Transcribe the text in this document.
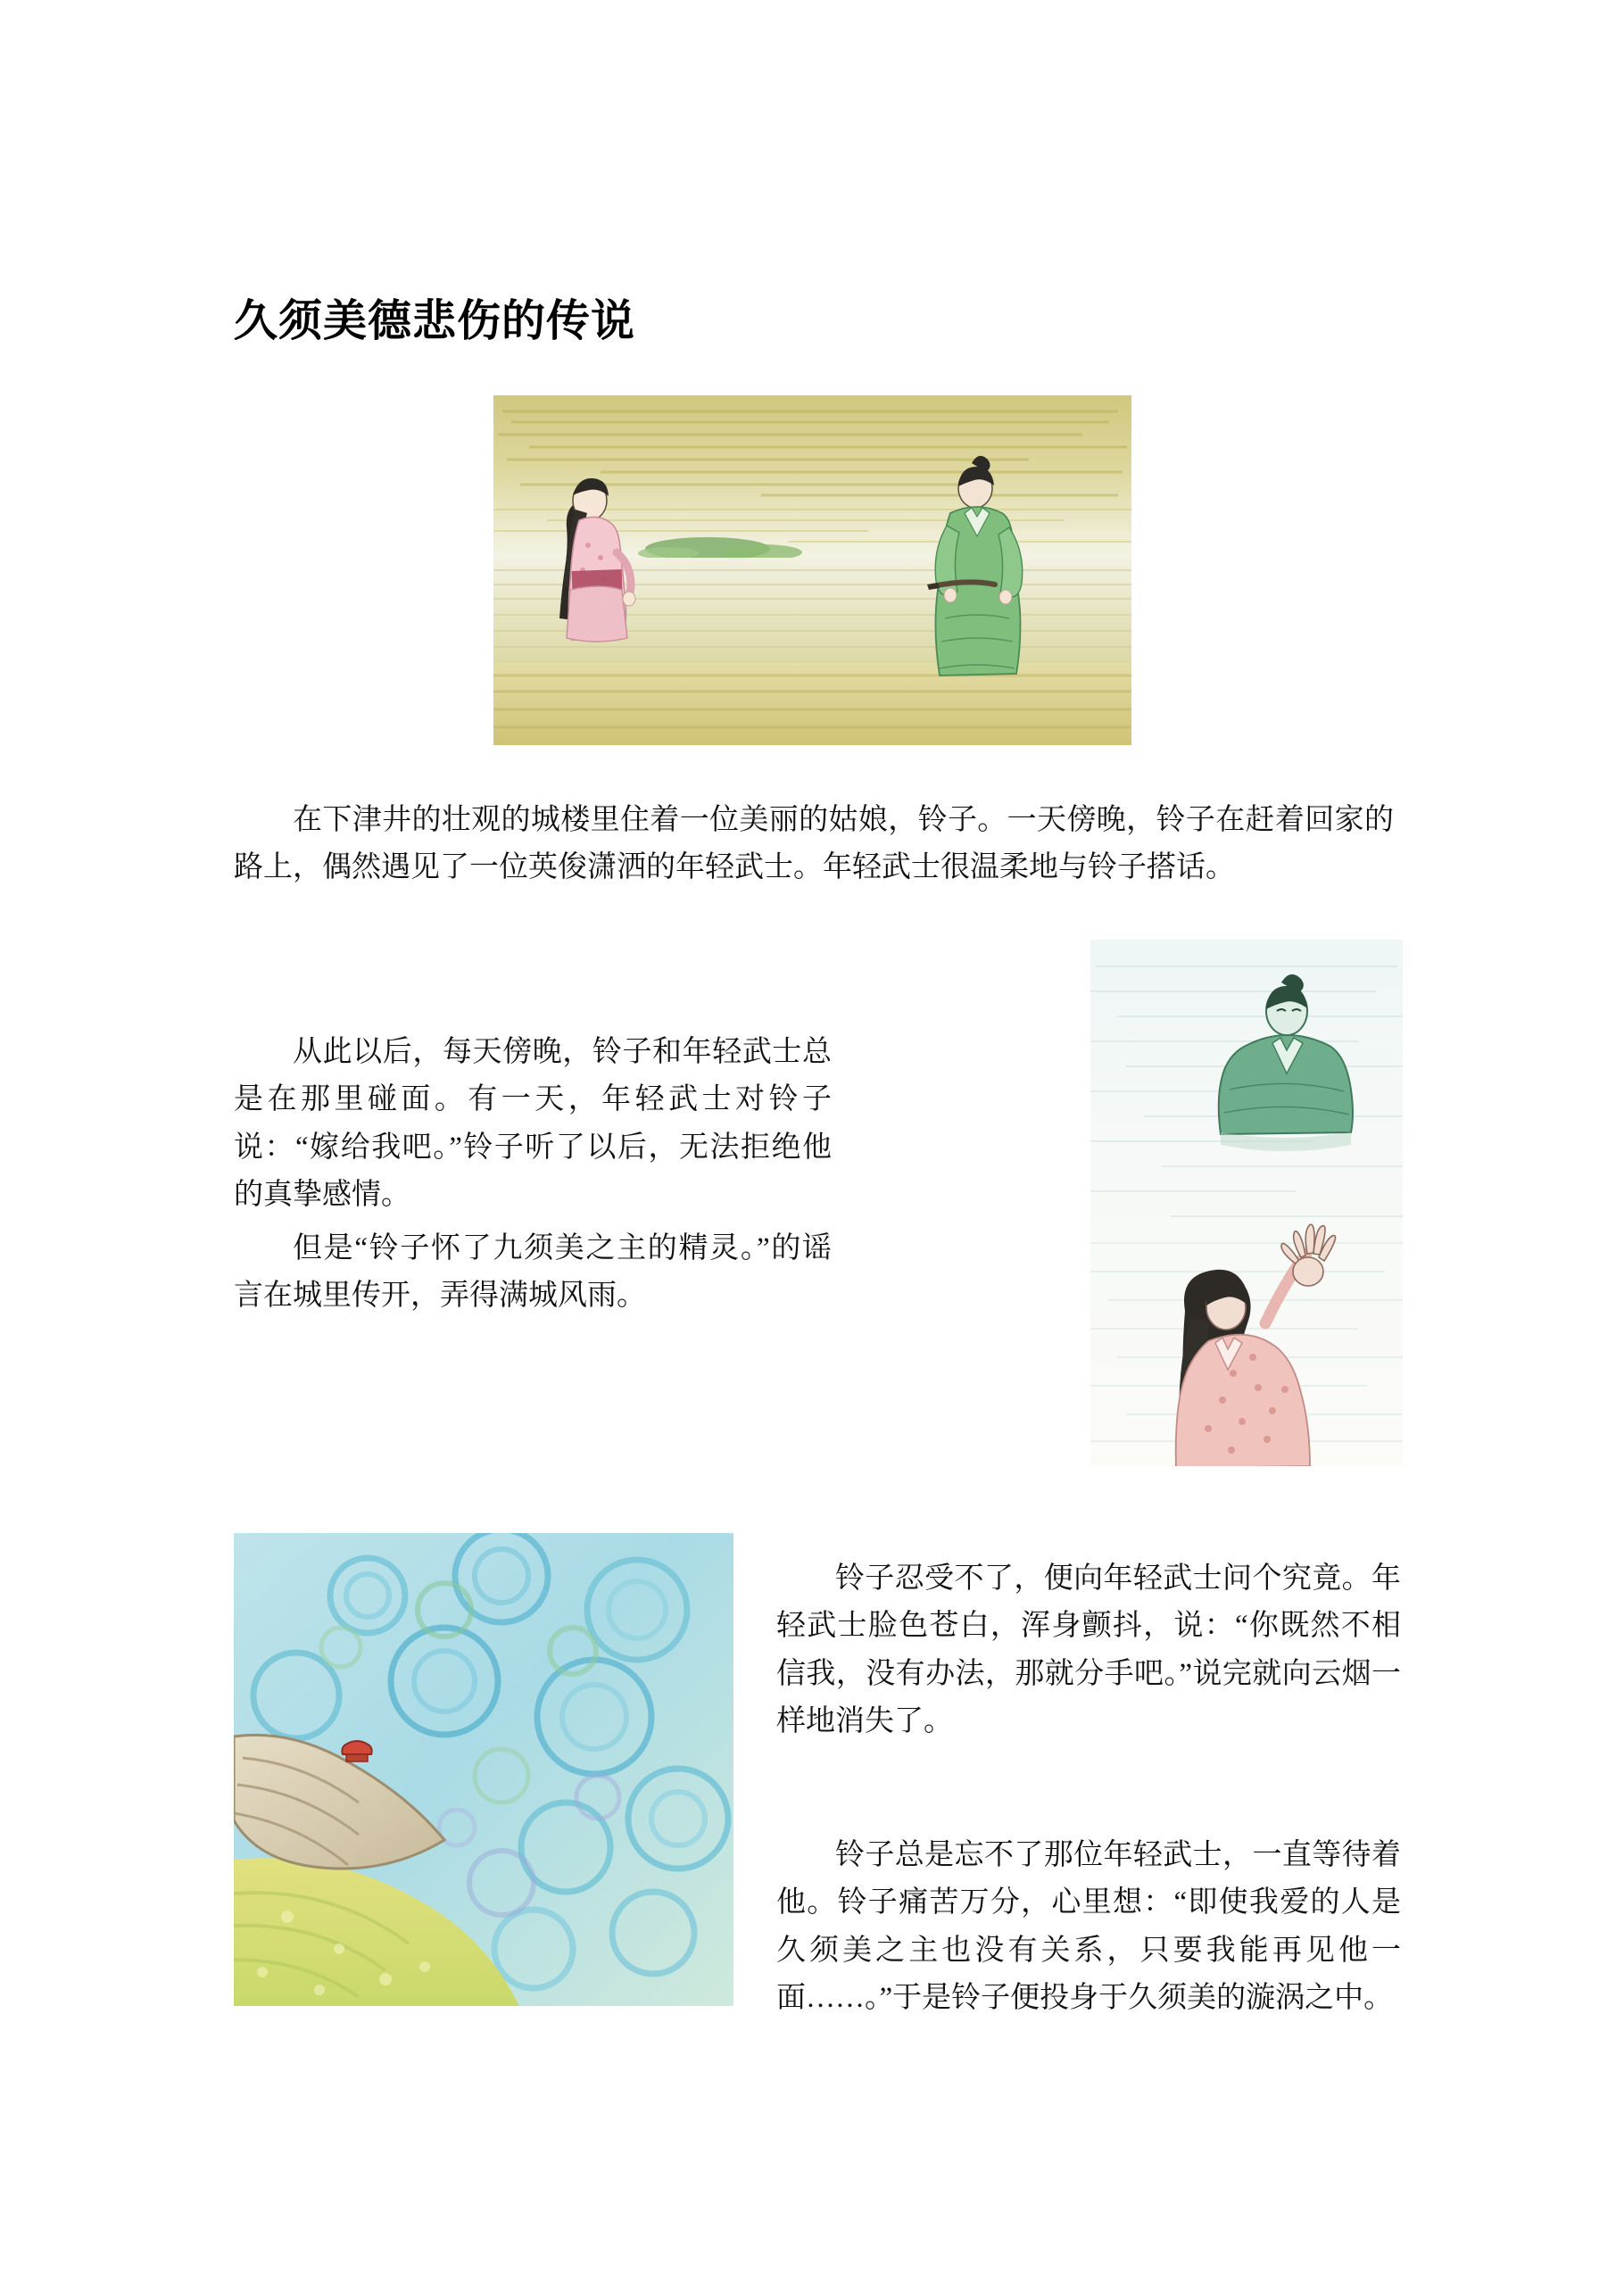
久须美德悲伤的传说

在下津井的壮观的城楼里住着一位美丽的姑娘，铃子。一天傍晚，铃子在赶着回家的路上，偶然遇见了一位英俊潇洒的年轻武士。年轻武士很温柔地与铃子搭话。

从此以后，每天傍晚，铃子和年轻武士总是在那里碰面。有一天，年轻武士对铃子说：“嫁给我吧。”铃子听了以后，无法拒绝他的真挚感情。

但是“铃子怀了九须美之主的精灵。”的谣言在城里传开，弄得满城风雨。

铃子忍受不了，便向年轻武士问个究竟。年轻武士脸色苍白，浑身颤抖，说：“你既然不相信我，没有办法，那就分手吧。”说完就向云烟一样地消失了。

铃子总是忘不了那位年轻武士，一直等待着他。铃子痛苦万分，心里想：“即使我爱的人是久须美之主也没有关系，只要我能再见他一面……。”于是铃子便投身于久须美的漩涡之中。
